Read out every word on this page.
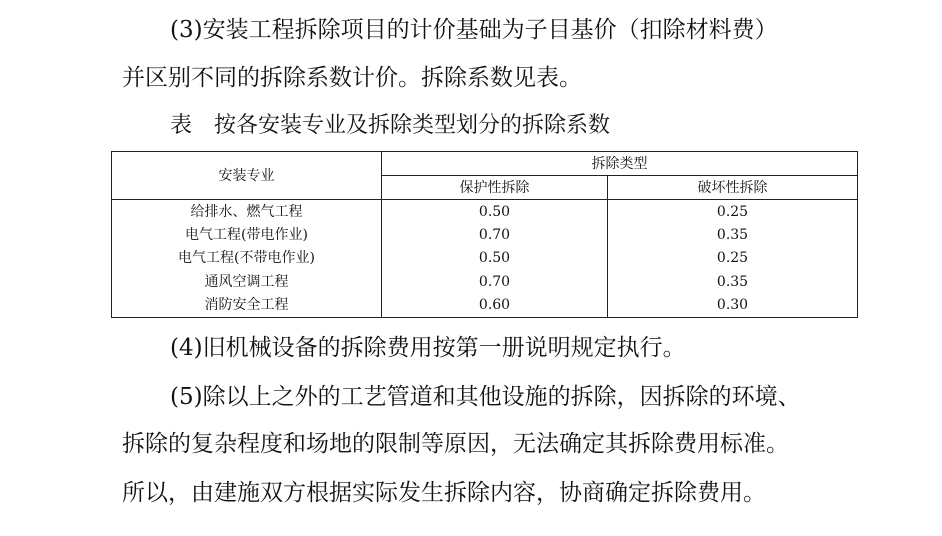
(3)安装工程拆除项目的计价基础为子目基价（扣除材料费）

并区别不同的拆除系数计价。拆除系数见表。

表　按各安装专业及拆除类型划分的拆除系数

安装专业	拆除类型	
	保护性拆除	破坏性拆除
给排水、燃气工程	0.50	0.25
电气工程(带电作业)	0.70	0.35
电气工程(不带电作业)	0.50	0.25
通风空调工程	0.70	0.35
消防安全工程	0.60	0.30

(4)旧机械设备的拆除费用按第一册说明规定执行。

(5)除以上之外的工艺管道和其他设施的拆除，因拆除的环境、

拆除的复杂程度和场地的限制等原因，无法确定其拆除费用标准。

所以，由建施双方根据实际发生拆除内容，协商确定拆除费用。
